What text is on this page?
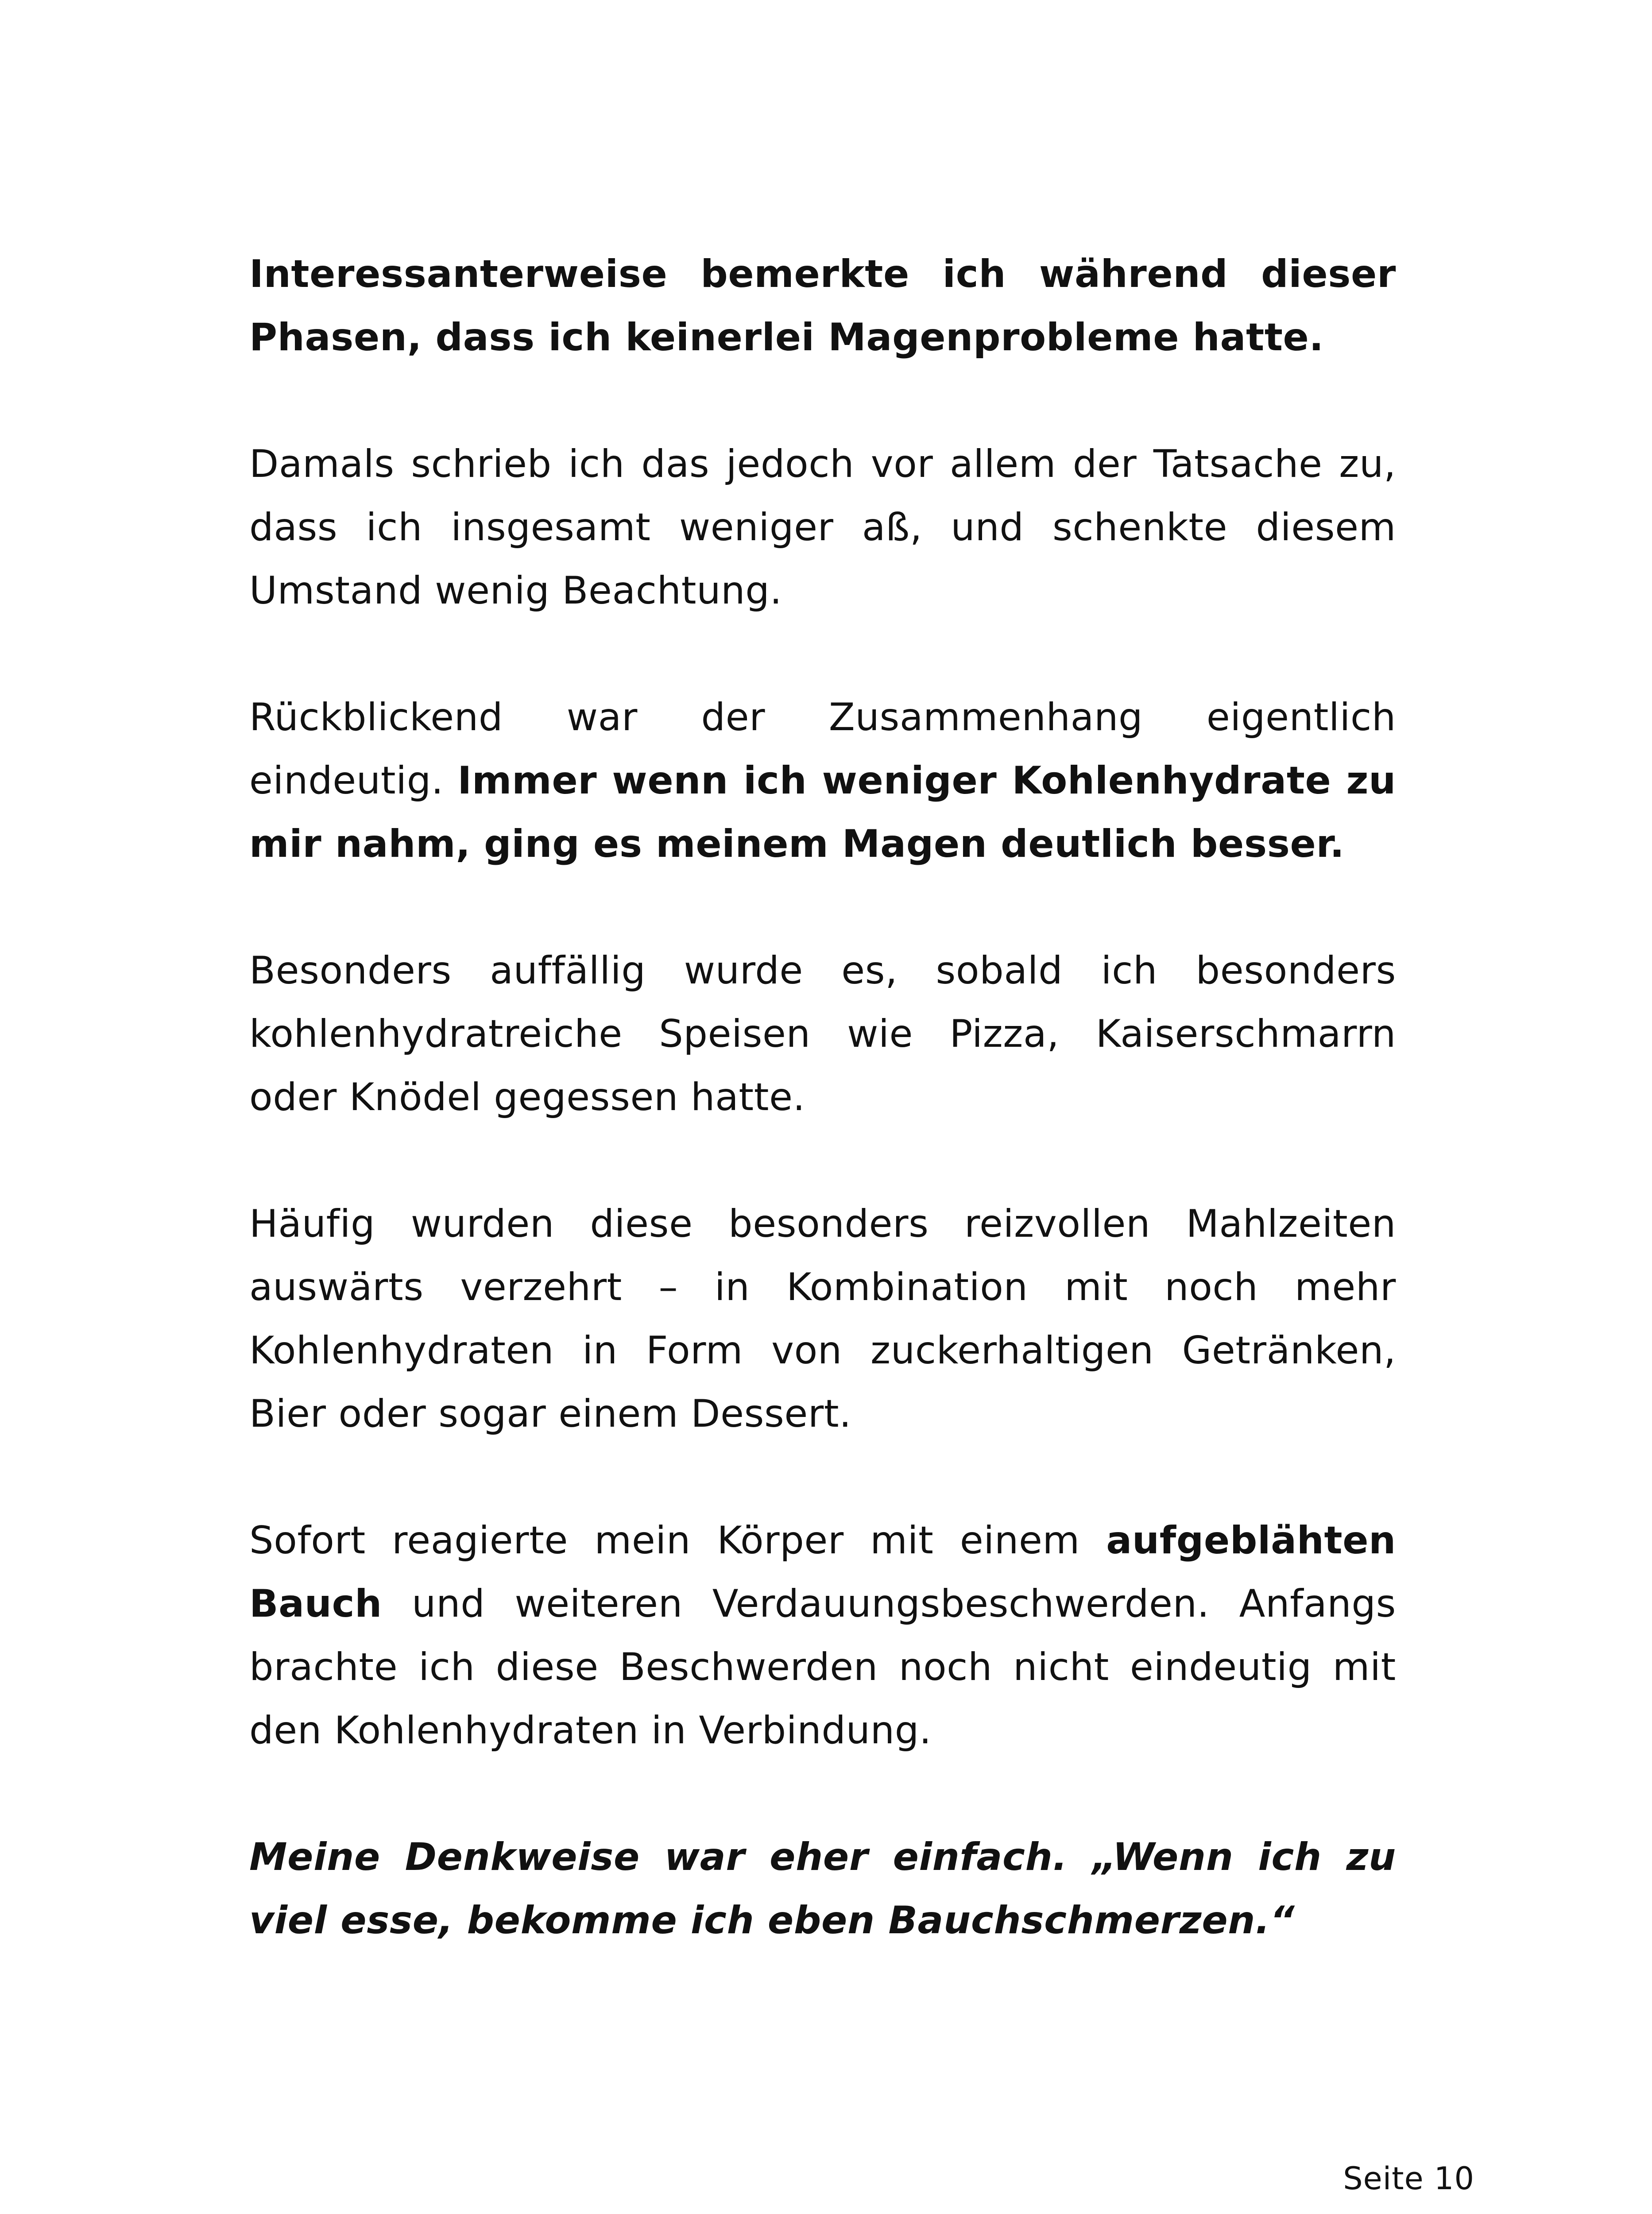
Interessanterweise bemerkte ich während dieser Phasen, dass ich keinerlei Magenprobleme hatte.

Damals schrieb ich das jedoch vor allem der Tatsache zu, dass ich insgesamt weniger aß, und schenkte diesem Umstand wenig Beachtung.

Rückblickend war der Zusammenhang eigentlich eindeutig. Immer wenn ich weniger Kohlenhydrate zu mir nahm, ging es meinem Magen deutlich besser.

Besonders auffällig wurde es, sobald ich besonders kohlenhydratreiche Speisen wie Pizza, Kaiserschmarrn oder Knödel gegessen hatte.

Häufig wurden diese besonders reizvollen Mahlzeiten auswärts verzehrt – in Kombination mit noch mehr Kohlenhydraten in Form von zuckerhaltigen Getränken, Bier oder sogar einem Dessert.

Sofort reagierte mein Körper mit einem aufgeblähten Bauch und weiteren Verdauungsbeschwerden. Anfangs brachte ich diese Beschwerden noch nicht eindeutig mit den Kohlenhydraten in Verbindung.

Meine Denkweise war eher einfach. „Wenn ich zu viel esse, bekomme ich eben Bauchschmerzen.“

Seite 10
